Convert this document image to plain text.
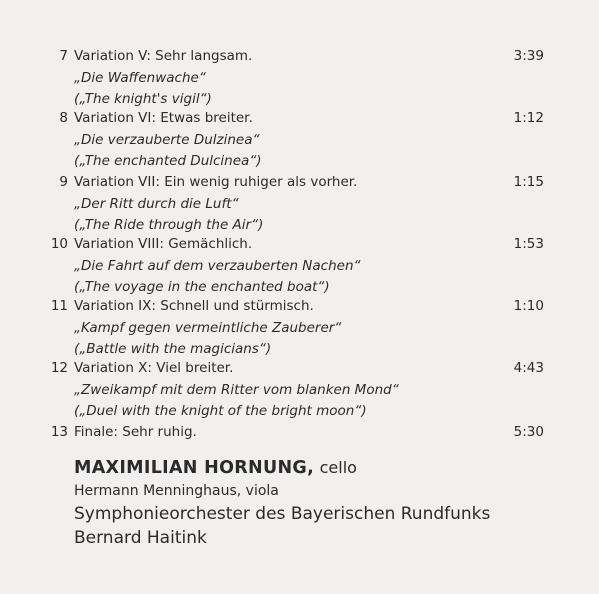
7 Variation V: Sehr langsam.
„Die Waffenwache“
(„The knight's vigil“)
3:39
8 Variation VI: Etwas breiter.
„Die verzauberte Dulzinea“
(„The enchanted Dulcinea“)
1:12
9 Variation VII: Ein wenig ruhiger als vorher.
„Der Ritt durch die Luft“
(„The Ride through the Air“)
1:15
10 Variation VIII: Gemächlich.
„Die Fahrt auf dem verzauberten Nachen“
(„The voyage in the enchanted boat“)
1:53
11 Variation IX: Schnell und stürmisch.
„Kampf gegen vermeintliche Zauberer“
(„Battle with the magicians“)
1:10
12 Variation X: Viel breiter.
„Zweikampf mit dem Ritter vom blanken Mond“
(„Duel with the knight of the bright moon“)
4:43
13 Finale: Sehr ruhig.	5:30
MAXIMILIAN HORNUNG, cello
Hermann Menninghaus, viola
Symphonieorchester des Bayerischen Rundfunks
Bernard Haitink
